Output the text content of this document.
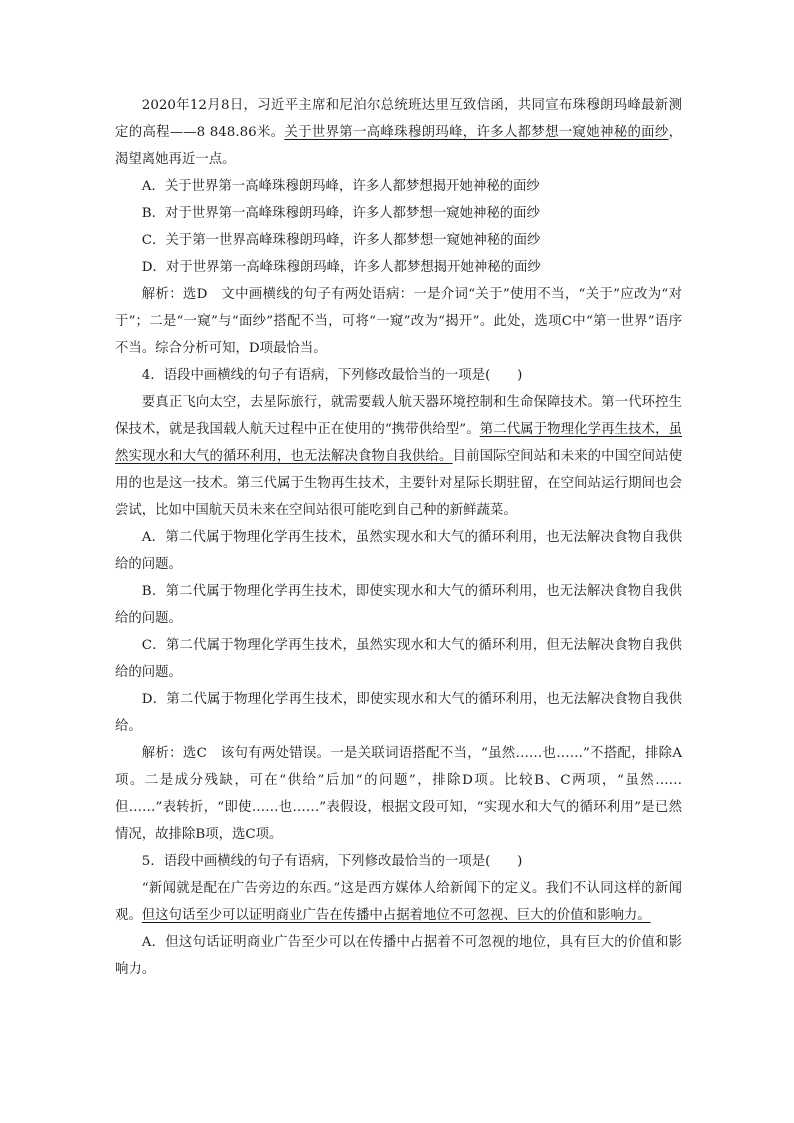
2020年12月8日，习近平主席和尼泊尔总统班达里互致信函，共同宣布珠穆朗玛峰最新测定的高程——8 848.86米。关于世界第一高峰珠穆朗玛峰，许多人都梦想一窥她神秘的面纱，渴望离她再近一点。

A．关于世界第一高峰珠穆朗玛峰，许多人都梦想揭开她神秘的面纱

B．对于世界第一高峰珠穆朗玛峰，许多人都梦想一窥她神秘的面纱

C．关于第一世界高峰珠穆朗玛峰，许多人都梦想一窥她神秘的面纱

D．对于世界第一高峰珠穆朗玛峰，许多人都梦想揭开她神秘的面纱

解析：选D　文中画横线的句子有两处语病：一是介词“关于”使用不当，“关于”应改为“对于”；二是“一窥”与“面纱”搭配不当，可将“一窥”改为“揭开”。此处，选项C中“第一世界”语序不当。综合分析可知，D项最恰当。

4．语段中画横线的句子有语病，下列修改最恰当的一项是(　　)

要真正飞向太空，去星际旅行，就需要载人航天器环境控制和生命保障技术。第一代环控生保技术，就是我国载人航天过程中正在使用的“携带供给型”。第二代属于物理化学再生技术，虽然实现水和大气的循环利用，也无法解决食物自我供给。目前国际空间站和未来的中国空间站使用的也是这一技术。第三代属于生物再生技术，主要针对星际长期驻留，在空间站运行期间也会尝试，比如中国航天员未来在空间站很可能吃到自己种的新鲜蔬菜。

A．第二代属于物理化学再生技术，虽然实现水和大气的循环利用，也无法解决食物自我供给的问题。

B．第二代属于物理化学再生技术，即使实现水和大气的循环利用，也无法解决食物自我供给的问题。

C．第二代属于物理化学再生技术，虽然实现水和大气的循环利用，但无法解决食物自我供给的问题。

D．第二代属于物理化学再生技术，即使实现水和大气的循环利用，也无法解决食物自我供给。

解析：选C　该句有两处错误。一是关联词语搭配不当，“虽然……也……”不搭配，排除A项。二是成分残缺，可在“供给”后加“的问题”，排除D项。比较B、C两项，“虽然……但……”表转折，“即使……也……”表假设，根据文段可知，“实现水和大气的循环利用”是已然情况，故排除B项，选C项。

5．语段中画横线的句子有语病，下列修改最恰当的一项是(　　)

“新闻就是配在广告旁边的东西。”这是西方媒体人给新闻下的定义。我们不认同这样的新闻观。但这句话至少可以证明商业广告在传播中占据着地位不可忽视、巨大的价值和影响力。

A．但这句话证明商业广告至少可以在传播中占据着不可忽视的地位，具有巨大的价值和影响力。
